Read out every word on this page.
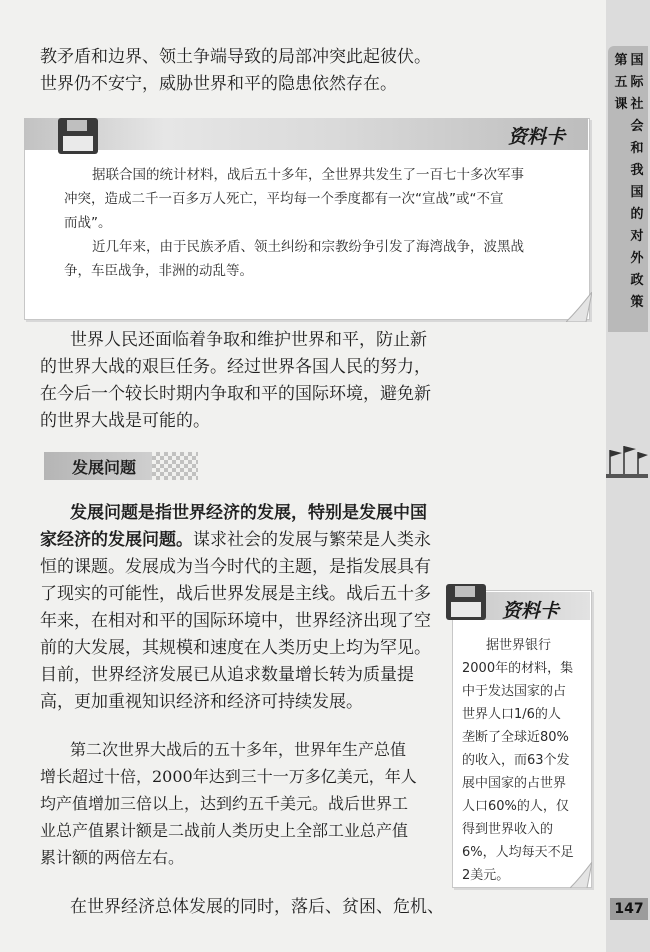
第
五
课
国
际
社
会
和
我
国
的
对
外
政
策
147
教矛盾和边界、领土争端导致的局部冲突此起彼伏。
世界仍不安宁，威胁世界和平的隐患依然存在。
资料卡
据联合国的统计材料，战后五十多年，全世界共发生了一百七十多次军事
冲突，造成二千一百多万人死亡，平均每一个季度都有一次“宣战”或“不宣
而战”。
近几年来，由于民族矛盾、领土纠纷和宗教纷争引发了海湾战争，波黑战
争，车臣战争，非洲的动乱等。
世界人民还面临着争取和维护世界和平，防止新
的世界大战的艰巨任务。经过世界各国人民的努力，
在今后一个较长时期内争取和平的国际环境，避免新
的世界大战是可能的。
发展问题
发展问题是指世界经济的发展，特别是发展中国
家经济的发展问题。谋求社会的发展与繁荣是人类永
恒的课题。发展成为当今时代的主题，是指发展具有
了现实的可能性，战后世界发展是主线。战后五十多
年来，在相对和平的国际环境中，世界经济出现了空
前的大发展，其规模和速度在人类历史上均为罕见。
目前，世界经济发展已从追求数量增长转为质量提
高，更加重视知识经济和经济可持续发展。
第二次世界大战后的五十多年，世界年生产总值
增长超过十倍，2000年达到三十一万多亿美元，年人
均产值增加三倍以上，达到约五千美元。战后世界工
业总产值累计额是二战前人类历史上全部工业总产值
累计额的两倍左右。
在世界经济总体发展的同时，落后、贫困、危机、
资料卡
据世界银行
2000年的材料，集
中于发达国家的占
世界人口1/6的人
垄断了全球近80%
的收入，而63个发
展中国家的占世界
人口60%的人，仅
得到世界收入的
6%，人均每天不足
2美元。
